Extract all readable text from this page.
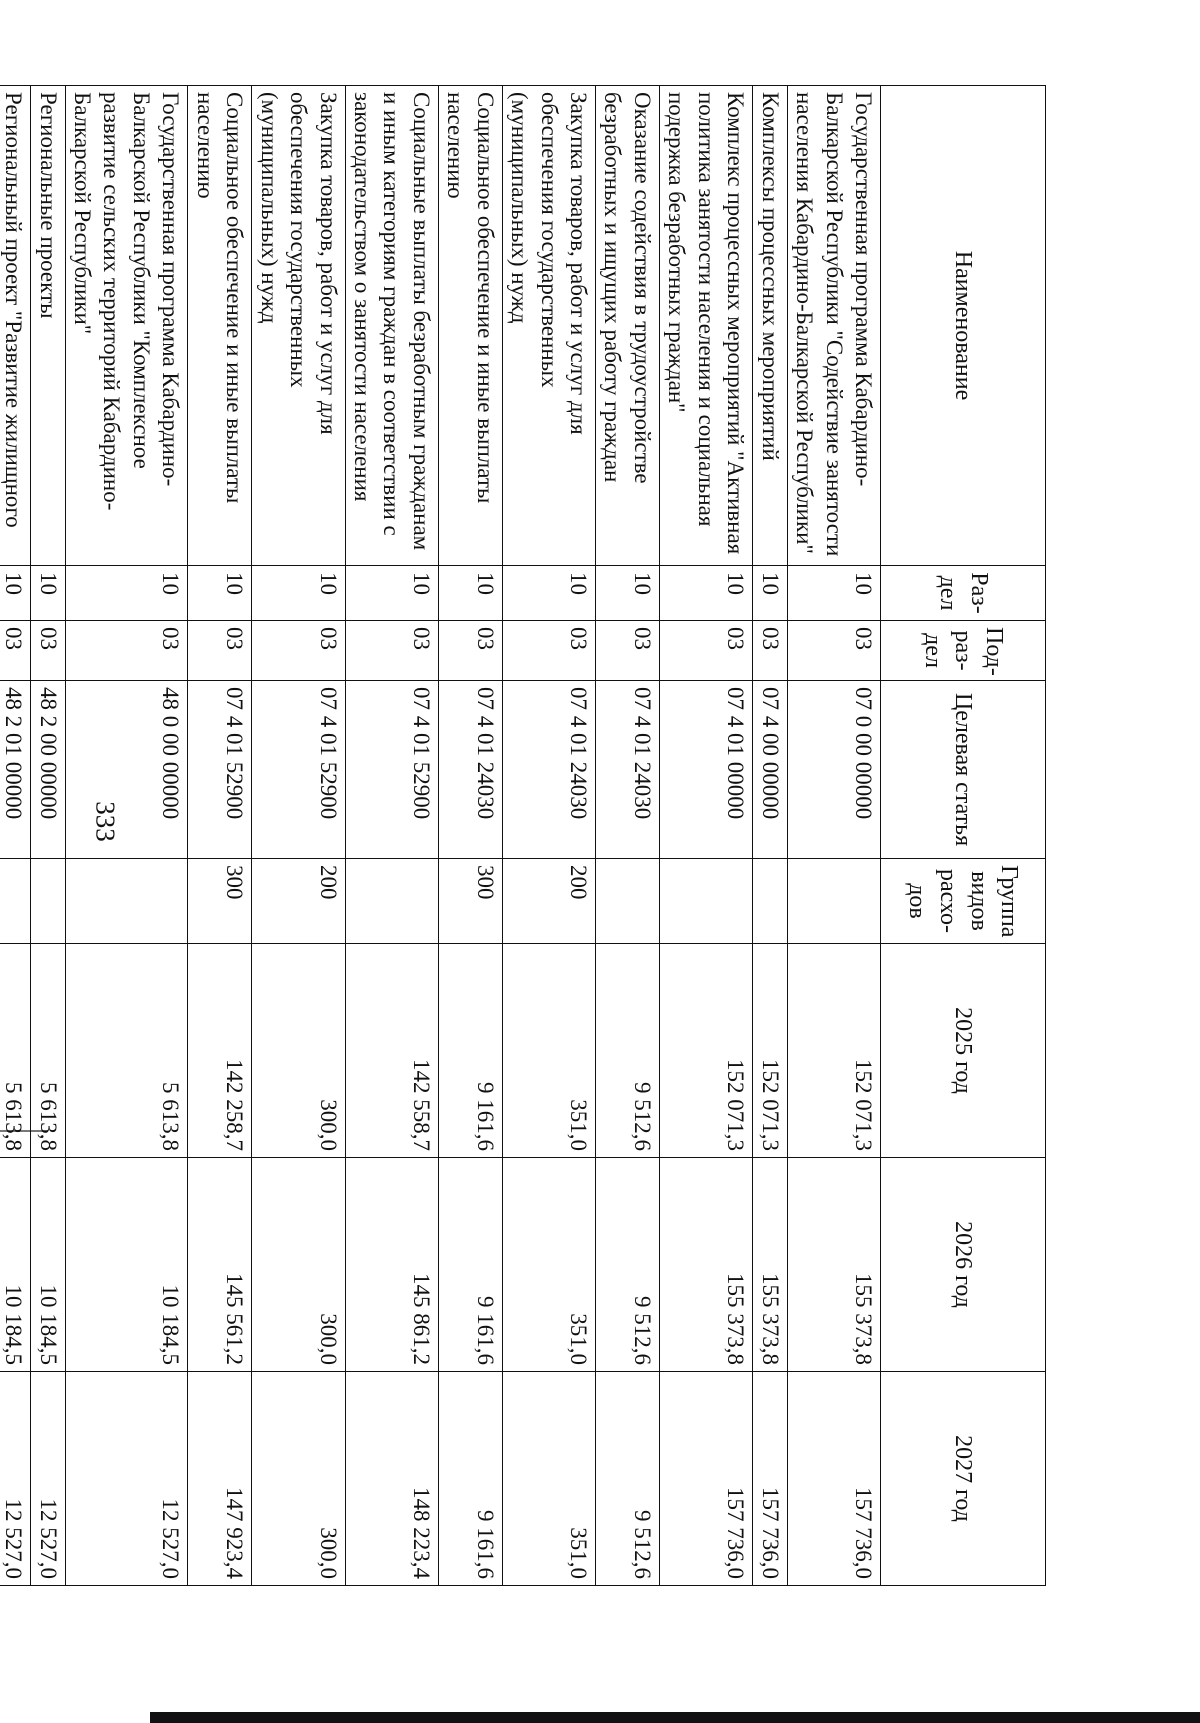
333
Наименование	Раз-дел	Под-раз-дел	Целевая статья	Группа видов расхо-дов	2025 год	2026 год	2027 год
Государственная программа Кабардино-Балкарской Республики "Содействие занятости населения Кабардино-Балкарской Республики"	10	03	07 0 00 00000		152 071,3	155 373,8	157 736,0
Комплексы процессных мероприятий	10	03	07 4 00 00000		152 071,3	155 373,8	157 736,0
Комплекс процессных мероприятий "Активная политика занятости населения и социальная подержка безработных граждан"	10	03	07 4 01 00000		152 071,3	155 373,8	157 736,0
Оказание содействия в трудоустройстве безработных и ищущих работу граждан	10	03	07 4 01 24030		9 512,6	9 512,6	9 512,6
Закупка товаров, работ и услуг для обеспечения государственных (муниципальных) нужд	10	03	07 4 01 24030	200	351,0	351,0	351,0
Социальное обеспечение и иные выплаты населению	10	03	07 4 01 24030	300	9 161,6	9 161,6	9 161,6
Социальные выплаты безработным гражданам и иным категориям граждан в соответствии с законодательством о занятости населения	10	03	07 4 01 52900		142 558,7	145 861,2	148 223,4
Закупка товаров, работ и услуг для обеспечения государственных (муниципальных) нужд	10	03	07 4 01 52900	200	300,0	300,0	300,0
Социальное обеспечение и иные выплаты населению	10	03	07 4 01 52900	300	142 258,7	145 561,2	147 923,4
Государственная программа Кабардино-Балкарской Республики "Комплексное развитие сельских территорий Кабардино-Балкарской Республики"	10	03	48 0 00 00000		5 613,8	10 184,5	12 527,0
Региональные проекты	10	03	48 2 00 00000		5 613,8	10 184,5	12 527,0
Региональный проект "Развитие жилищного	10	03	48 2 01 00000		5 613,8	10 184,5	12 527,0
